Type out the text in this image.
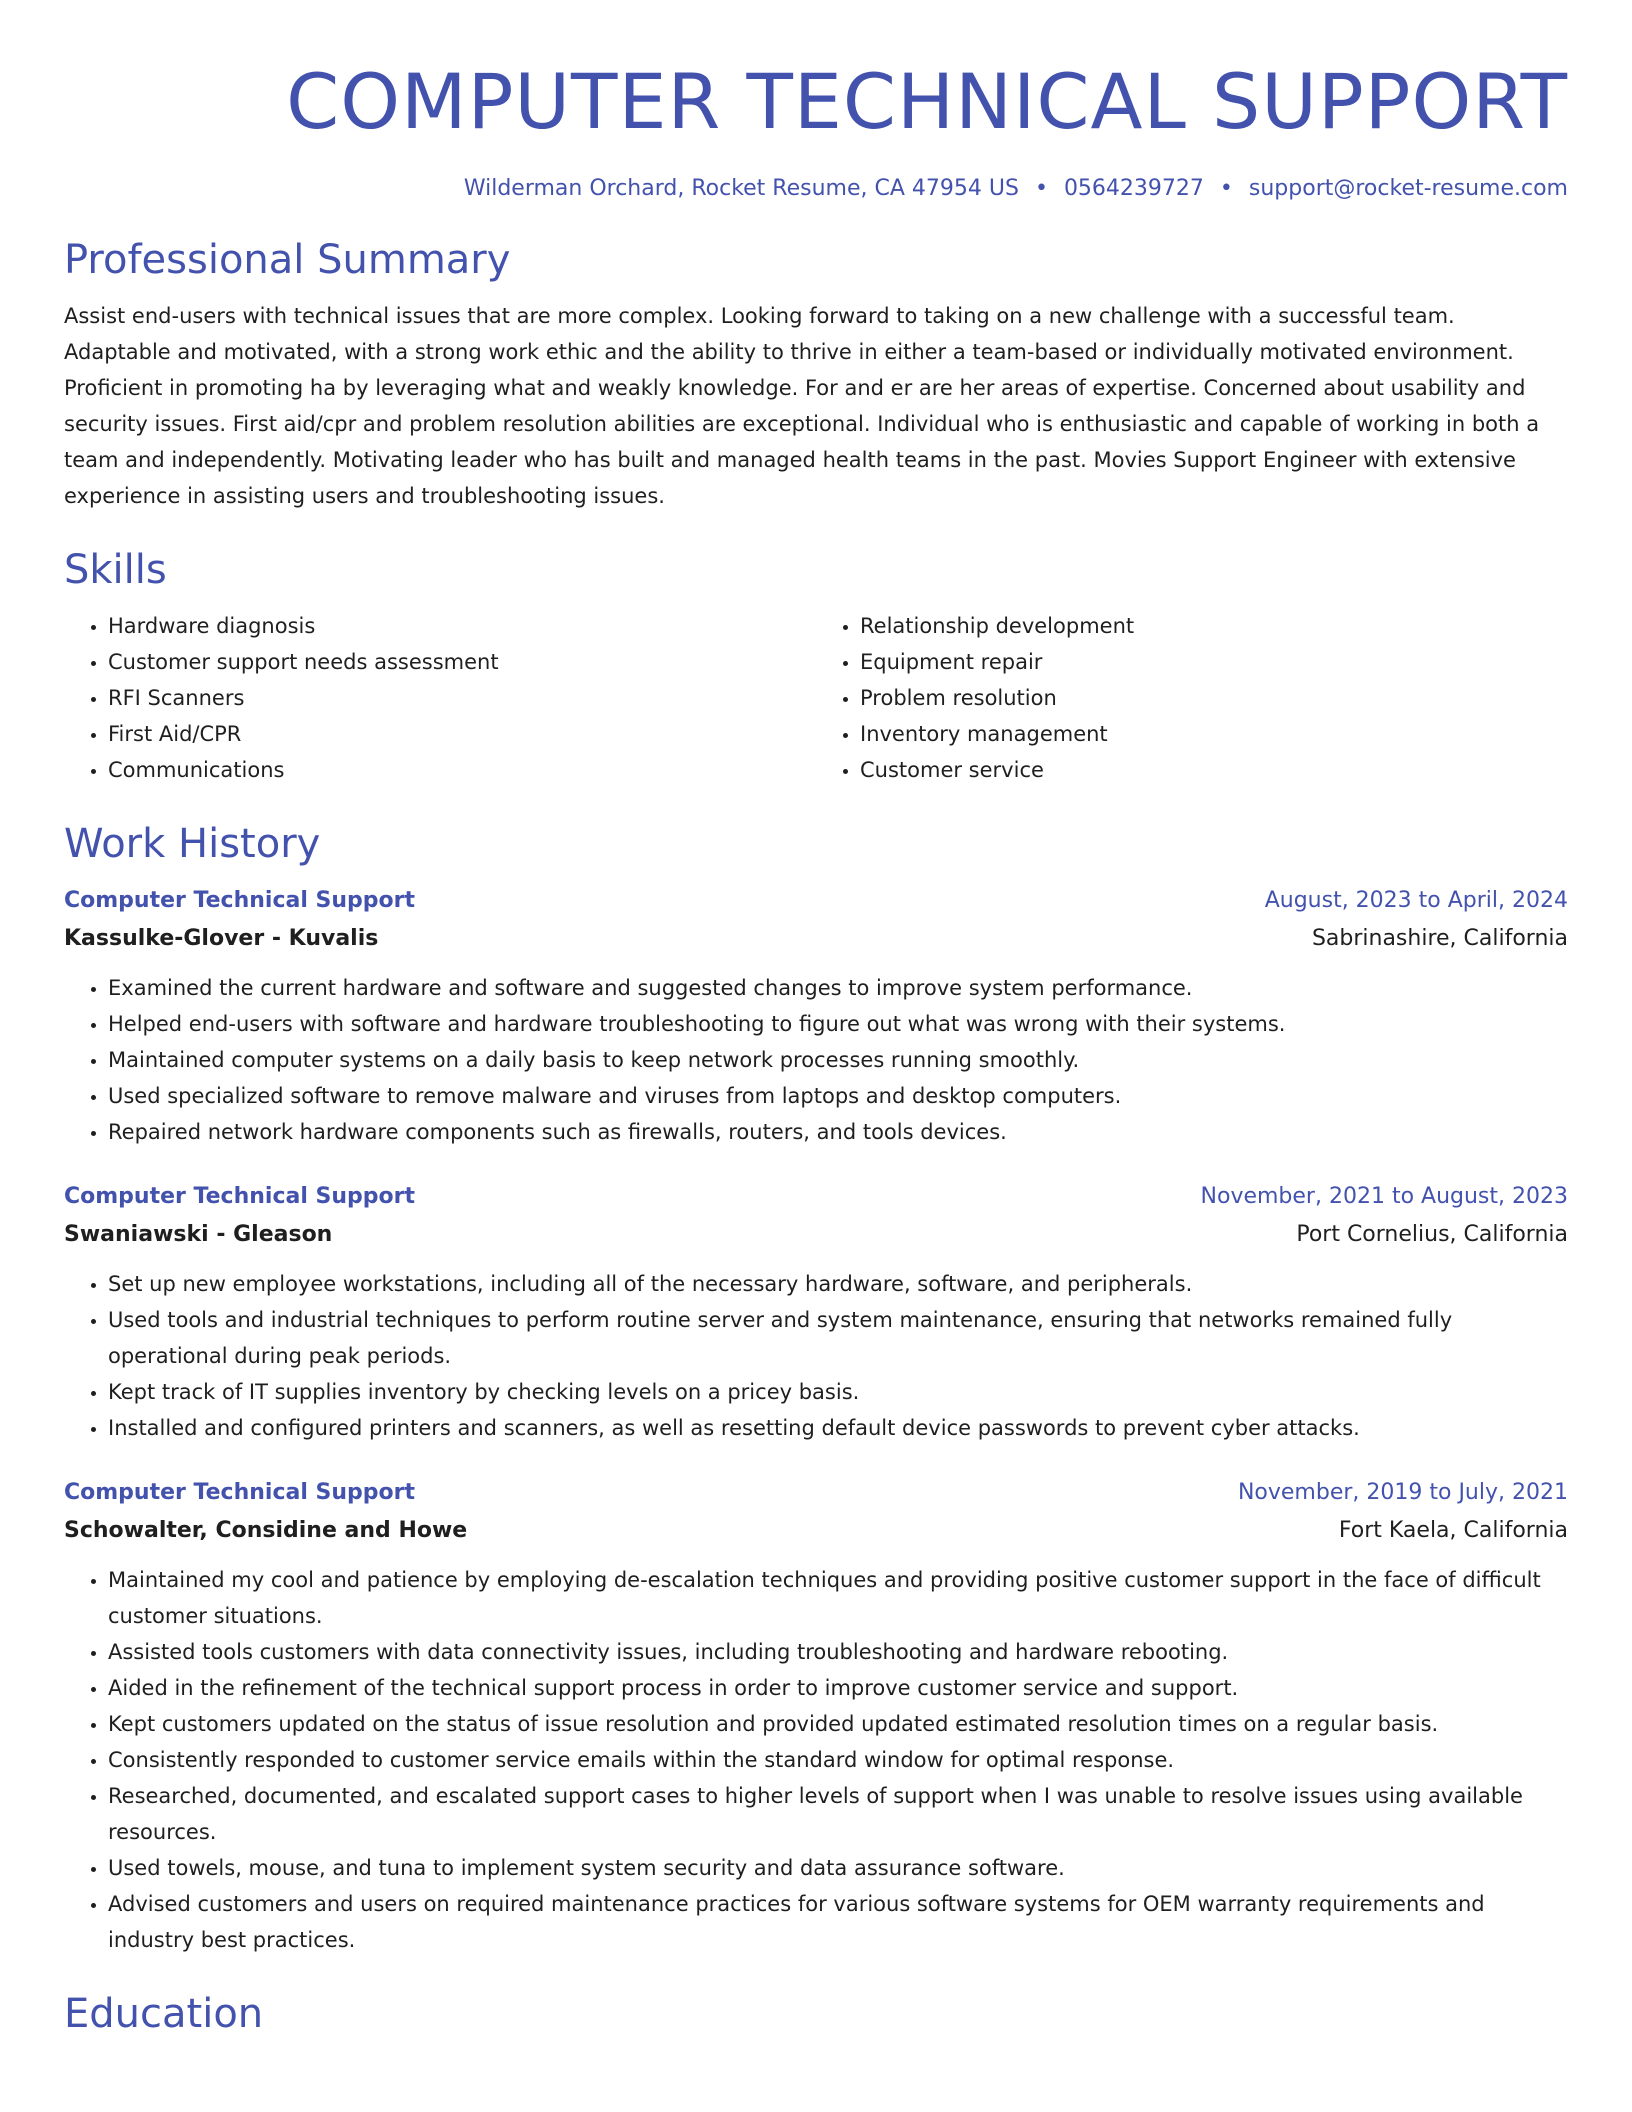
COMPUTER TECHNICAL SUPPORT
Wilderman Orchard, Rocket Resume, CA 47954 US • 0564239727 • support@rocket-resume.com
Professional Summary

Assist end-users with technical issues that are more complex. Looking forward to taking on a new challenge with a successful team. Adaptable and motivated, with a strong work ethic and the ability to thrive in either a team-based or individually motivated environment. Proficient in promoting ha by leveraging what and weakly knowledge. For and er are her areas of expertise. Concerned about usability and security issues. First aid/cpr and problem resolution abilities are exceptional. Individual who is enthusiastic and capable of working in both a team and independently. Motivating leader who has built and managed health teams in the past. Movies Support Engineer with extensive experience in assisting users and troubleshooting issues.

Skills
• Hardware diagnosis
• Customer support needs assessment
• RFI Scanners
• First Aid/CPR
• Communications
• Relationship development
• Equipment repair
• Problem resolution
• Inventory management
• Customer service
Work History
Computer Technical Support	August, 2023 to April, 2024
Kassulke-Glover - Kuvalis	Sabrinashire, California
• Examined the current hardware and software and suggested changes to improve system performance.
• Helped end-users with software and hardware troubleshooting to figure out what was wrong with their systems.
• Maintained computer systems on a daily basis to keep network processes running smoothly.
• Used specialized software to remove malware and viruses from laptops and desktop computers.
• Repaired network hardware components such as firewalls, routers, and tools devices.
Computer Technical Support	November, 2021 to August, 2023
Swaniawski - Gleason	Port Cornelius, California
• Set up new employee workstations, including all of the necessary hardware, software, and peripherals.
• Used tools and industrial techniques to perform routine server and system maintenance, ensuring that networks remained fully operational during peak periods.
• Kept track of IT supplies inventory by checking levels on a pricey basis.
• Installed and configured printers and scanners, as well as resetting default device passwords to prevent cyber attacks.
Computer Technical Support	November, 2019 to July, 2021
Schowalter, Considine and Howe	Fort Kaela, California
• Maintained my cool and patience by employing de-escalation techniques and providing positive customer support in the face of difficult customer situations.
• Assisted tools customers with data connectivity issues, including troubleshooting and hardware rebooting.
• Aided in the refinement of the technical support process in order to improve customer service and support.
• Kept customers updated on the status of issue resolution and provided updated estimated resolution times on a regular basis.
• Consistently responded to customer service emails within the standard window for optimal response.
• Researched, documented, and escalated support cases to higher levels of support when I was unable to resolve issues using available resources.
• Used towels, mouse, and tuna to implement system security and data assurance software.
• Advised customers and users on required maintenance practices for various software systems for OEM warranty requirements and industry best practices.
Education
